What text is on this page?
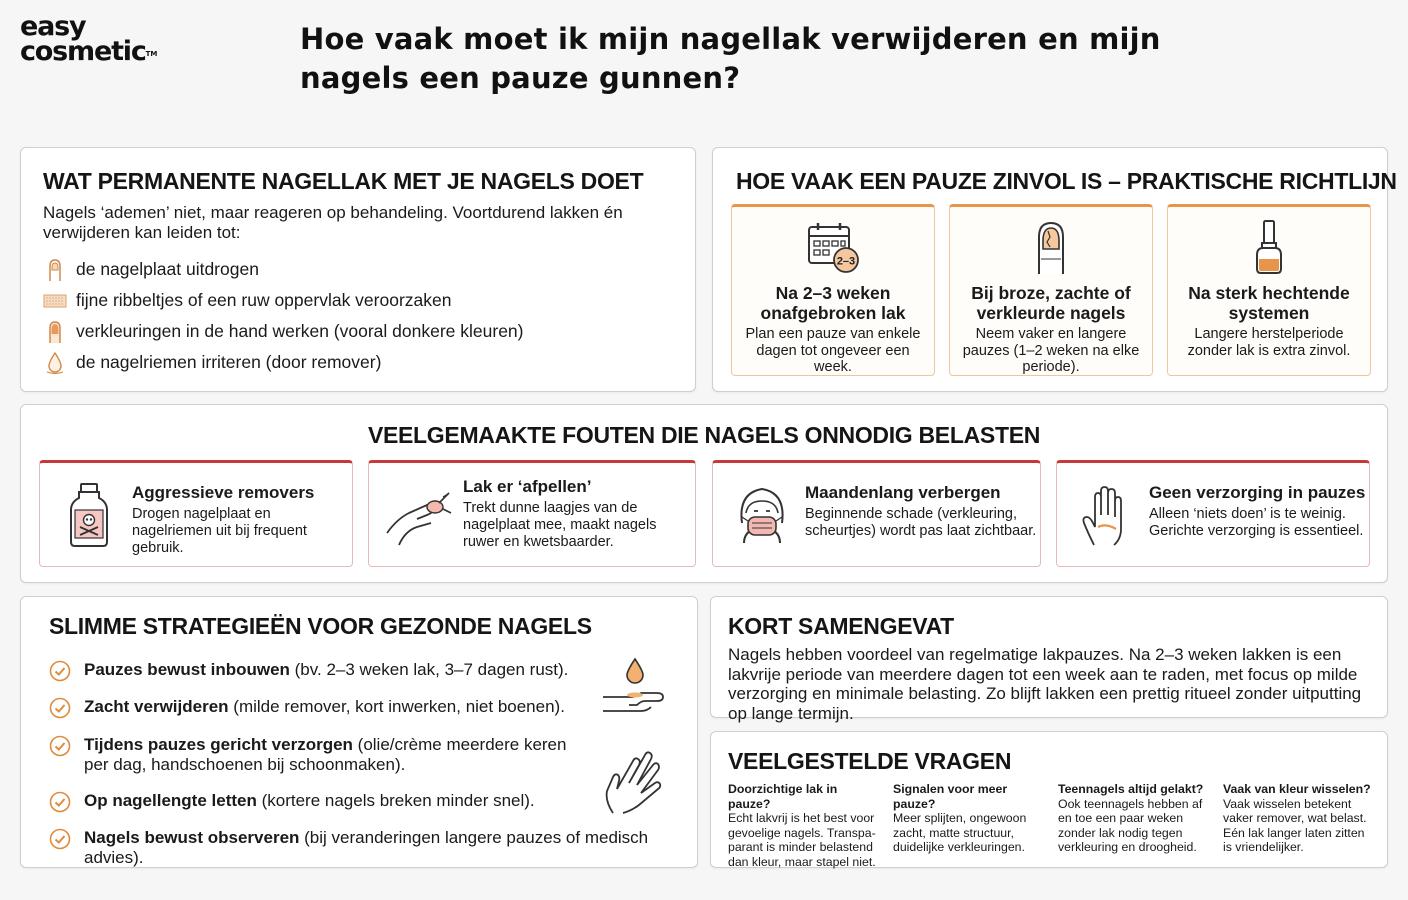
easy
cosmetic™	Hoe vaak moet ik mijn nagellak verwijderen en mijn nagels een pauze gunnen?
WAT PERMANENTE NAGELLAK MET JE NAGELS DOET

Nagels ‘ademen’ niet, maar reageren op behandeling. Voortdurend lakken én verwijderen kan leiden tot:

de nagelplaat uitdrogen
fijne ribbeltjes of een ruw oppervlak veroorzaken
verkleuringen in de hand werken (vooral donkere kleuren)
de nagelriemen irriteren (door remover)
HOE VAAK EEN PAUZE ZINVOL IS – PRAKTISCHE RICHTLIJN
2–3
Na 2–3 weken onafgebroken lak
Plan een pauze van enkele dagen tot ongeveer een week.
Bij broze, zachte of verkleurde nagels
Neem vaker en langere pauzes (1–2 weken na elke periode).
Na sterk hechtende systemen
Langere herstelperiode zonder lak is extra zinvol.
VEELGEMAAKTE FOUTEN DIE NAGELS ONNODIG BELASTEN
Aggressieve removers
Drogen nagelplaat en nagelriemen uit bij frequent gebruik.
Lak er ‘afpellen’
Trekt dunne laagjes van de nagelplaat mee, maakt nagels ruwer en kwetsbaarder.
Maandenlang verbergen
Beginnende schade (verkleuring, scheurtjes) wordt pas laat zichtbaar.
Geen verzorging in pauzes
Alleen ‘niets doen’ is te weinig. Gerichte verzorging is essentieel.
SLIMME STRATEGIEËN VOOR GEZONDE NAGELS
Pauzes bewust inbouwen (bv. 2–3 weken lak, 3–7 dagen rust).
Zacht verwijderen (milde remover, kort inwerken, niet boenen).
Tijdens pauzes gericht verzorgen (olie/crème meerdere keren per dag, handschoenen bij schoonmaken).
Op nagellengte letten (kortere nagels breken minder snel).
Nagels bewust observeren (bij veranderingen langere pauzes of medisch advies).
KORT SAMENGEVAT

Nagels hebben voordeel van regelmatige lakpauzes. Na 2–3 weken lakken is een lakvrije periode van meerdere dagen tot een week aan te raden, met focus op milde verzorging en minimale belasting. Zo blijft lakken een prettig ritueel zonder uitputting op lange termijn.

VEELGESTELDE VRAGEN
Doorzichtige lak in pauze?
Echt lakvrij is het best voor gevoelige nagels. Transpa-parant is minder belastend dan kleur, maar stapel niet.
Signalen voor meer pauze?
Meer splijten, ongewoon zacht, matte structuur, duidelijke verkleuringen.
Teennagels altijd gelakt?
Ook teennagels hebben af en toe een paar weken zonder lak nodig tegen verkleuring en droogheid.
Vaak van kleur wisselen?
Vaak wisselen betekent vaker remover, wat belast. Eén lak langer laten zitten is vriendelijker.
